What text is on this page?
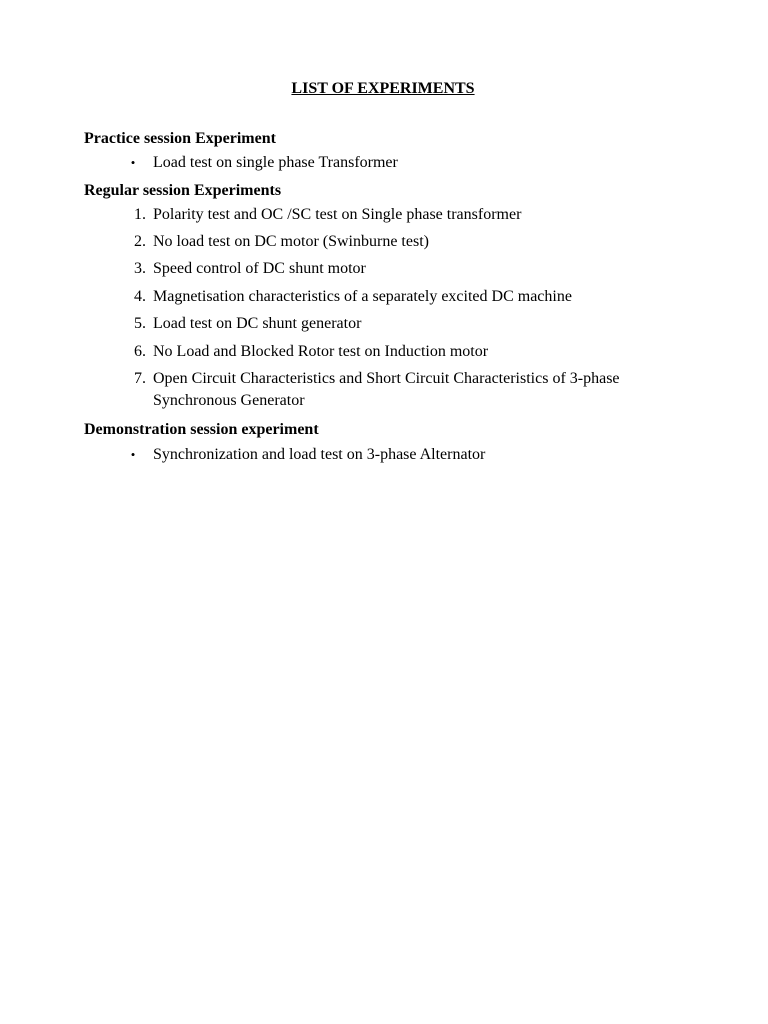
LIST OF EXPERIMENTS
Practice session Experiment
• Load test on single phase Transformer
Regular session Experiments
1. Polarity test and OC /SC test on Single phase transformer
2. No load test on DC motor (Swinburne test)
3. Speed control of DC shunt motor
4. Magnetisation characteristics of a separately excited DC machine
5. Load test on DC shunt generator
6. No Load and Blocked Rotor test on Induction motor
7. Open Circuit Characteristics and Short Circuit Characteristics of 3-phase Synchronous Generator
Demonstration session experiment
• Synchronization and load test on 3-phase Alternator
